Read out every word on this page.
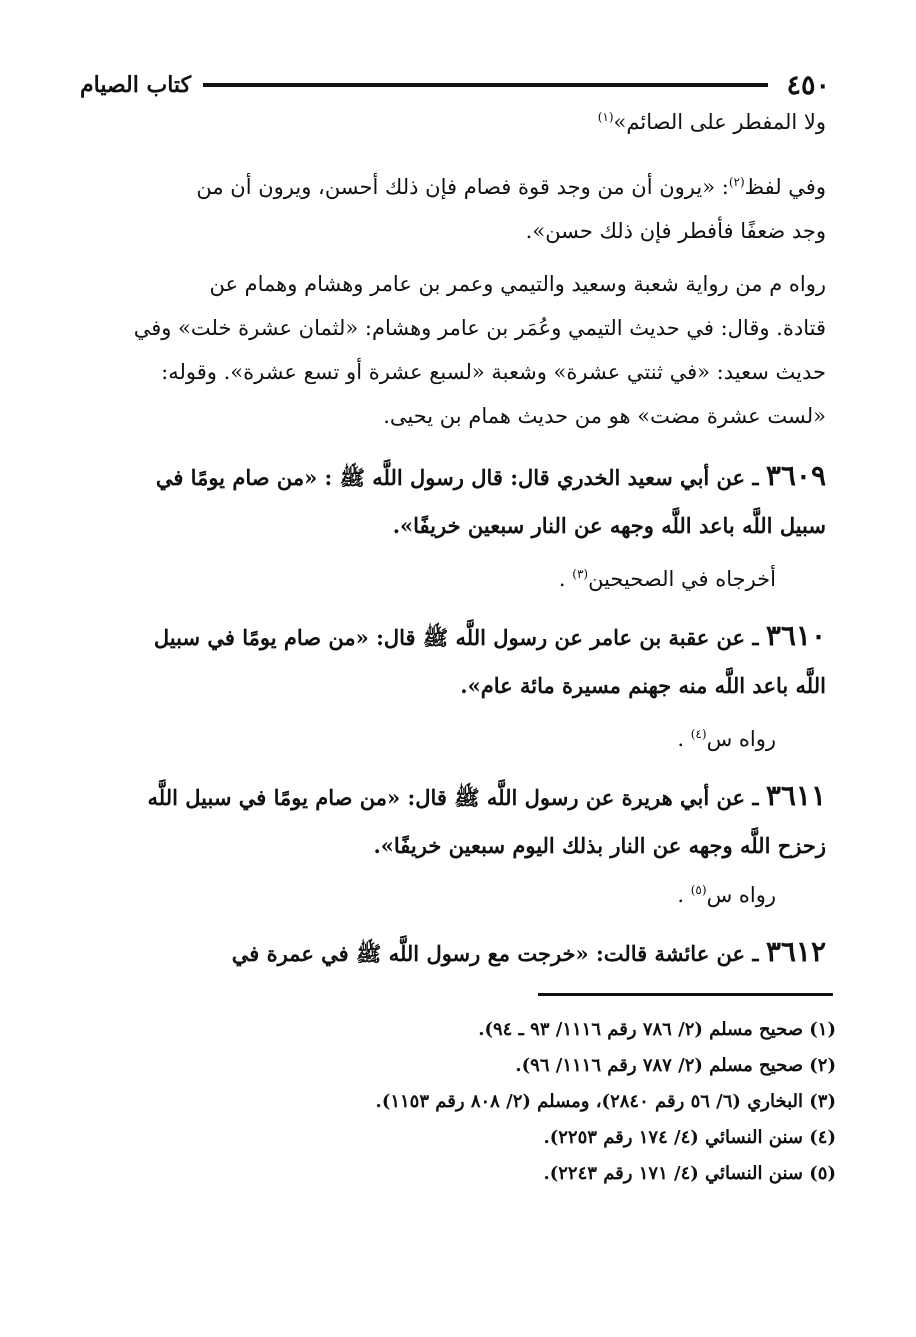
٤٥٠
كتاب الصيام
ولا المفطر على الصائم»$^{(١)}$
وفي لفظ$^{(٢)}$: «يرون أن من وجد قوة فصام فإن ذلك أحسن، ويرون أن من
وجد ضعفًا فأفطر فإن ذلك حسن».
رواه م من رواية شعبة وسعيد والتيمي وعمر بن عامر وهشام وهمام عن
قتادة. وقال: في حديث التيمي وعُمَر بن عامر وهشام: «لثمان عشرة خلت» وفي
حديث سعيد: «في ثنتي عشرة» وشعبة «لسبع عشرة أو تسع عشرة». وقوله:
«لست عشرة مضت» هو من حديث همام بن يحيى.
٣٦٠٩ ـ عن أبي سعيد الخدري قال: قال رسول اللَّه ﷺ : «من صام يومًا في
سبيل اللَّه باعد اللَّه وجهه عن النار سبعين خريفًا».
أخرجاه في الصحيحين$^{(٣)}$ .
٣٦١٠ ـ عن عقبة بن عامر عن رسول اللَّه ﷺ قال: «من صام يومًا في سبيل
اللَّه باعد اللَّه منه جهنم مسيرة مائة عام».
رواه س$^{(٤)}$ .
٣٦١١ ـ عن أبي هريرة عن رسول اللَّه ﷺ قال: «من صام يومًا في سبيل اللَّه
زحزح اللَّه وجهه عن النار بذلك اليوم سبعين خريفًا».
رواه س$^{(٥)}$ .
٣٦١٢ ـ عن عائشة قالت: «خرجت مع رسول اللَّه ﷺ في عمرة في
(١) صحيح مسلم (٢/ ٧٨٦ رقم ١١١٦/ ٩٣ ـ ٩٤).
(٢) صحيح مسلم (٢/ ٧٨٧ رقم ١١١٦/ ٩٦).
(٣) البخاري (٦/ ٥٦ رقم ٢٨٤٠)، ومسلم (٢/ ٨٠٨ رقم ١١٥٣).
(٤) سنن النسائي (٤/ ١٧٤ رقم ٢٢٥٣).
(٥) سنن النسائي (٤/ ١٧١ رقم ٢٢٤٣).
